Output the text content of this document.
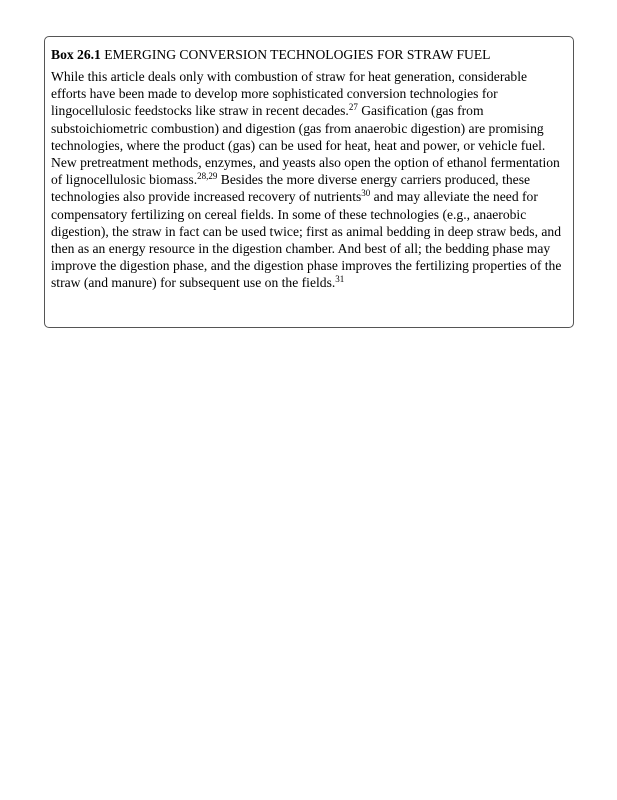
Box 26.1 EMERGING CONVERSION TECHNOLOGIES FOR STRAW FUEL

While this article deals only with combustion of straw for heat generation, considerable efforts have been made to develop more sophisticated conversion technologies for lingocellulosic feedstocks like straw in recent decades.$^{27}$ Gasification (gas from substoichiometric combustion) and digestion (gas from anaerobic digestion) are promising technologies, where the product (gas) can be used for heat, heat and power, or vehicle fuel. New pretreatment methods, enzymes, and yeasts also open the option of ethanol fermentation of lignocellulosic biomass.$^{28,29}$ Besides the more diverse energy carriers produced, these technologies also provide increased recovery of nutrients$^{30}$ and may alleviate the need for compensatory fertilizing on cereal fields. In some of these technologies (e.g., anaerobic digestion), the straw in fact can be used twice; first as animal bedding in deep straw beds, and then as an energy resource in the digestion chamber. And best of all; the bedding phase may improve the digestion phase, and the digestion phase improves the fertilizing properties of the straw (and manure) for subsequent use on the fields.$^{31}$
